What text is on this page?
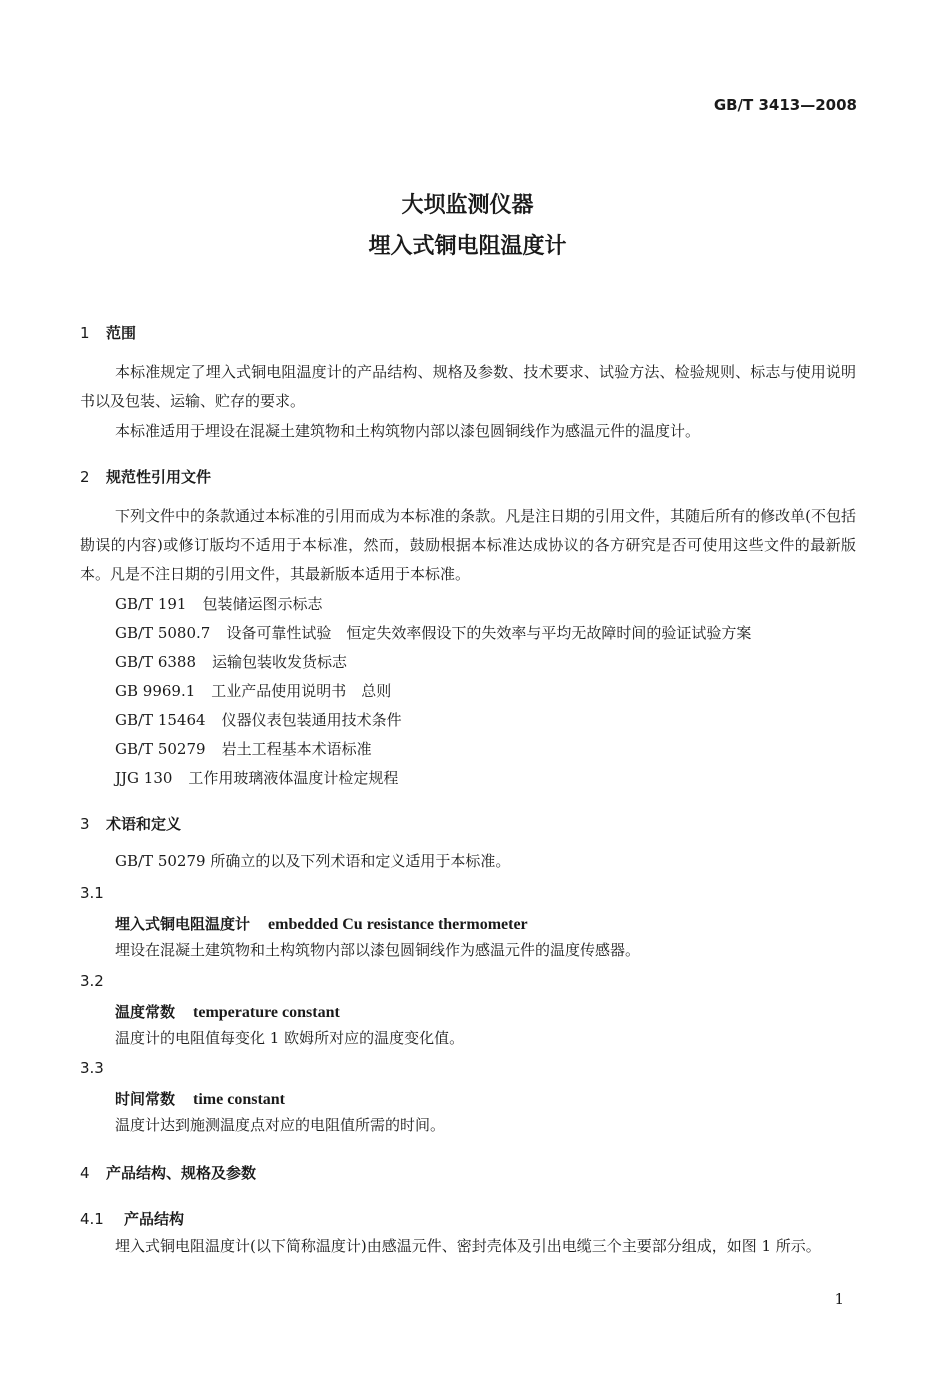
GB/T 3413—2008
大坝监测仪器
埋入式铜电阻温度计
1 范围
本标准规定了埋入式铜电阻温度计的产品结构、规格及参数、技术要求、试验方法、检验规则、标志与使用说明书以及包装、运输、贮存的要求。
本标准适用于埋设在混凝土建筑物和土构筑物内部以漆包圆铜线作为感温元件的温度计。
2 规范性引用文件
下列文件中的条款通过本标准的引用而成为本标准的条款。凡是注日期的引用文件，其随后所有的修改单(不包括勘误的内容)或修订版均不适用于本标准，然而，鼓励根据本标准达成协议的各方研究是否可使用这些文件的最新版本。凡是不注日期的引用文件，其最新版本适用于本标准。
GB/T 191 包装储运图示标志
GB/T 5080.7 设备可靠性试验　恒定失效率假设下的失效率与平均无故障时间的验证试验方案
GB/T 6388 运输包装收发货标志
GB 9969.1 工业产品使用说明书　总则
GB/T 15464 仪器仪表包装通用技术条件
GB/T 50279 岩土工程基本术语标准
JJG 130 工作用玻璃液体温度计检定规程
3 术语和定义
GB/T 50279 所确立的以及下列术语和定义适用于本标准。
3.1
埋入式铜电阻温度计 embedded Cu resistance thermometer
埋设在混凝土建筑物和土构筑物内部以漆包圆铜线作为感温元件的温度传感器。
3.2
温度常数 temperature constant
温度计的电阻值每变化 1 欧姆所对应的温度变化值。
3.3
时间常数 time constant
温度计达到施测温度点对应的电阻值所需的时间。
4 产品结构、规格及参数
4.1 产品结构
埋入式铜电阻温度计(以下简称温度计)由感温元件、密封壳体及引出电缆三个主要部分组成，如图 1 所示。
1
